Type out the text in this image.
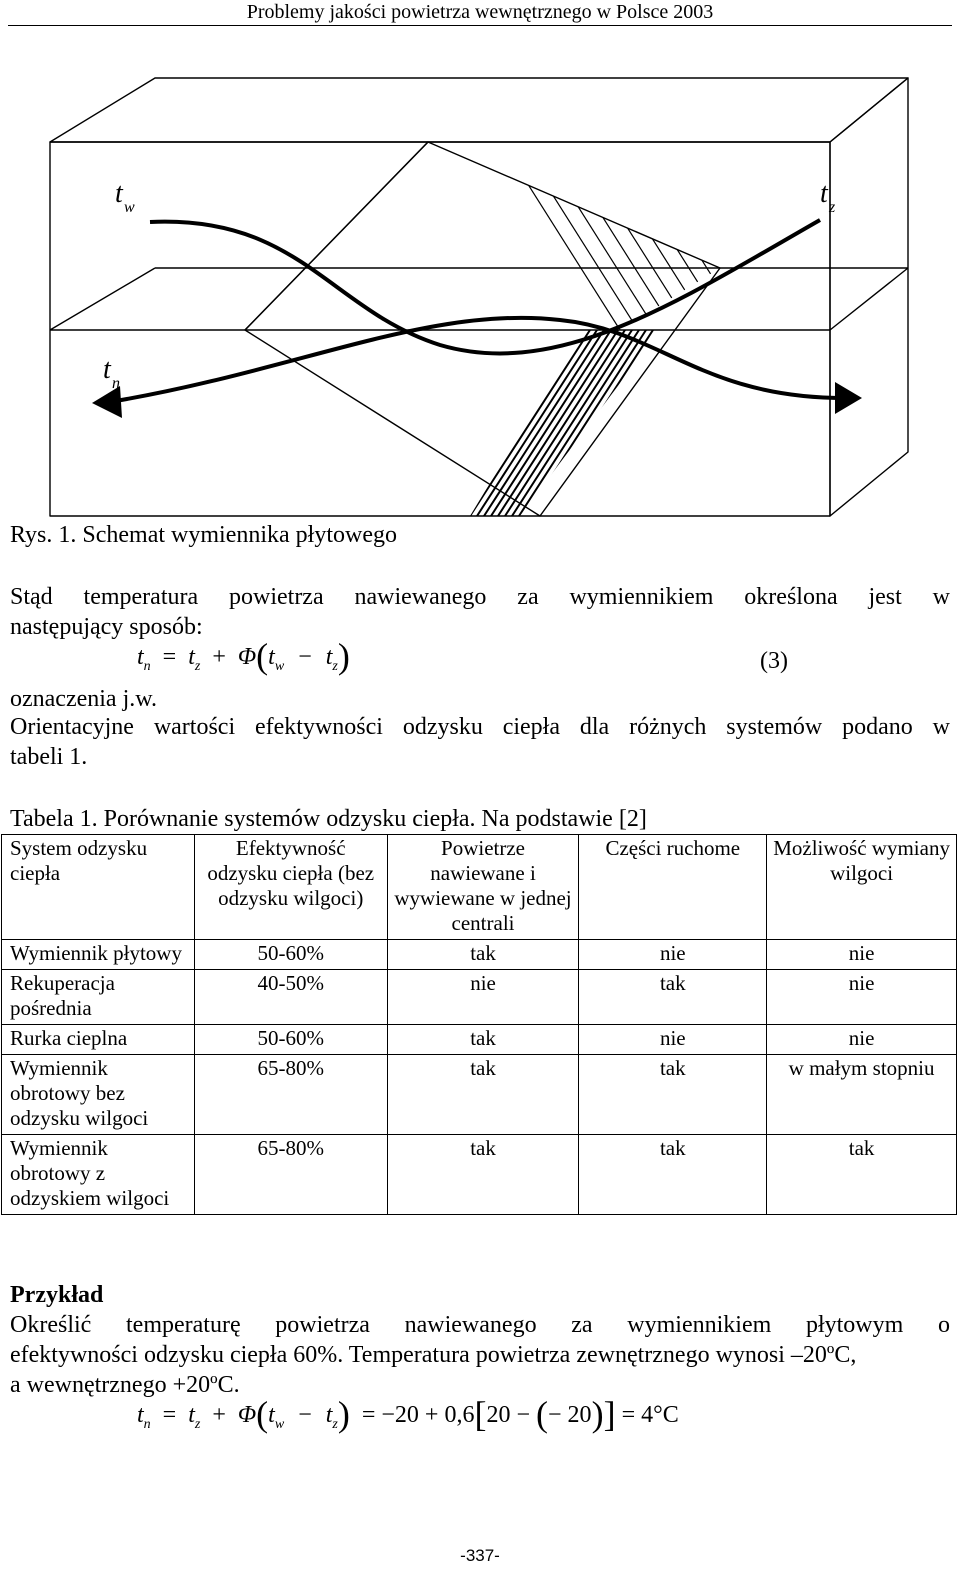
Problemy jakości powietrza wewnętrznego w Polsce 2003
t w	t z
t n
Rys. 1. Schemat wymiennika płytowego
Stąd temperatura powietrza nawiewanego za wymiennikiem określona jest w
następujący sposób:
$t_n = t_z + \Phi(t_w - t_z)$	(3)
oznaczenia j.w.
Orientacyjne wartości efektywności odzysku ciepła dla różnych systemów podano w
tabeli 1.
Tabela 1. Porównanie systemów odzysku ciepła. Na podstawie [2]
System odzysku ciepła	Efektywność odzysku ciepła (bez odzysku wilgoci)	Powietrze nawiewane i wywiewane w jednej centrali	Części ruchome	Możliwość wymiany wilgoci
Wymiennik płytowy	50-60%	tak	nie	nie
Rekuperacja pośrednia	40-50%	nie	tak	nie
Rurka cieplna	50-60%	tak	nie	nie
Wymiennik obrotowy bez odzysku wilgoci	65-80%	tak	tak	w małym stopniu
Wymiennik obrotowy z odzyskiem wilgoci	65-80%	tak	tak	tak
Przykład
Określić temperaturę powietrza nawiewanego za wymiennikiem płytowym o
efektywności odzysku ciepła 60%. Temperatura powietrza zewnętrznego wynosi –20ºC,
a wewnętrznego +20ºC.
$t_n = t_z + \Phi(t_w - t_z) = -20 + 0,6[20$ − (− 20)] = 4°C
-337-
